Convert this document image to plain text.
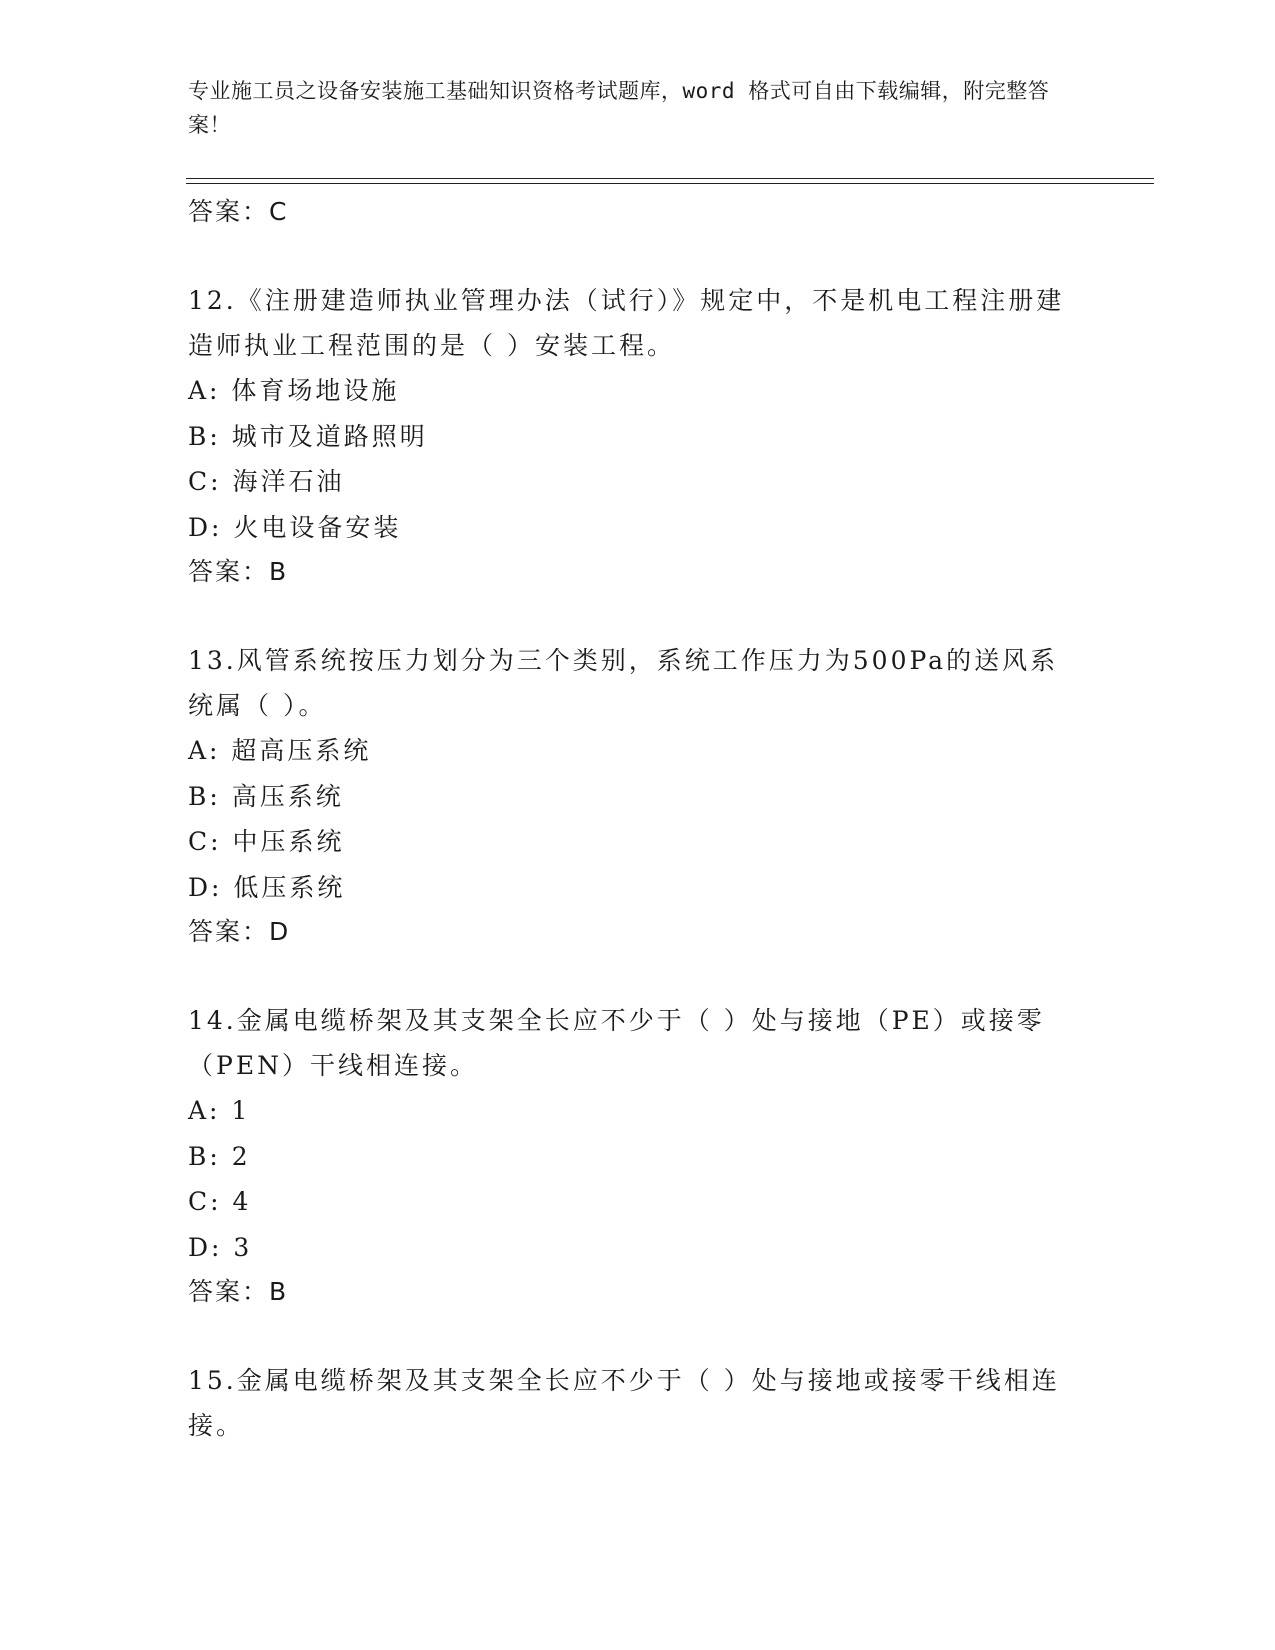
专业施工员之设备安装施工基础知识资格考试题库，word 格式可自由下载编辑，附完整答案！
答案：C
12.《注册建造师执业管理办法（试行）》规定中，不是机电工程注册建造师执业工程范围的是（ ）安装工程。
A: 体育场地设施
B: 城市及道路照明
C: 海洋石油
D: 火电设备安装
答案：B
13.风管系统按压力划分为三个类别，系统工作压力为500Pa的送风系统属（ ）。
A: 超高压系统
B: 高压系统
C: 中压系统
D: 低压系统
答案：D
14.金属电缆桥架及其支架全长应不少于（ ）处与接地（PE）或接零（PEN）干线相连接。
A: 1
B: 2
C: 4
D: 3
答案：B
15.金属电缆桥架及其支架全长应不少于（ ）处与接地或接零干线相连接。
